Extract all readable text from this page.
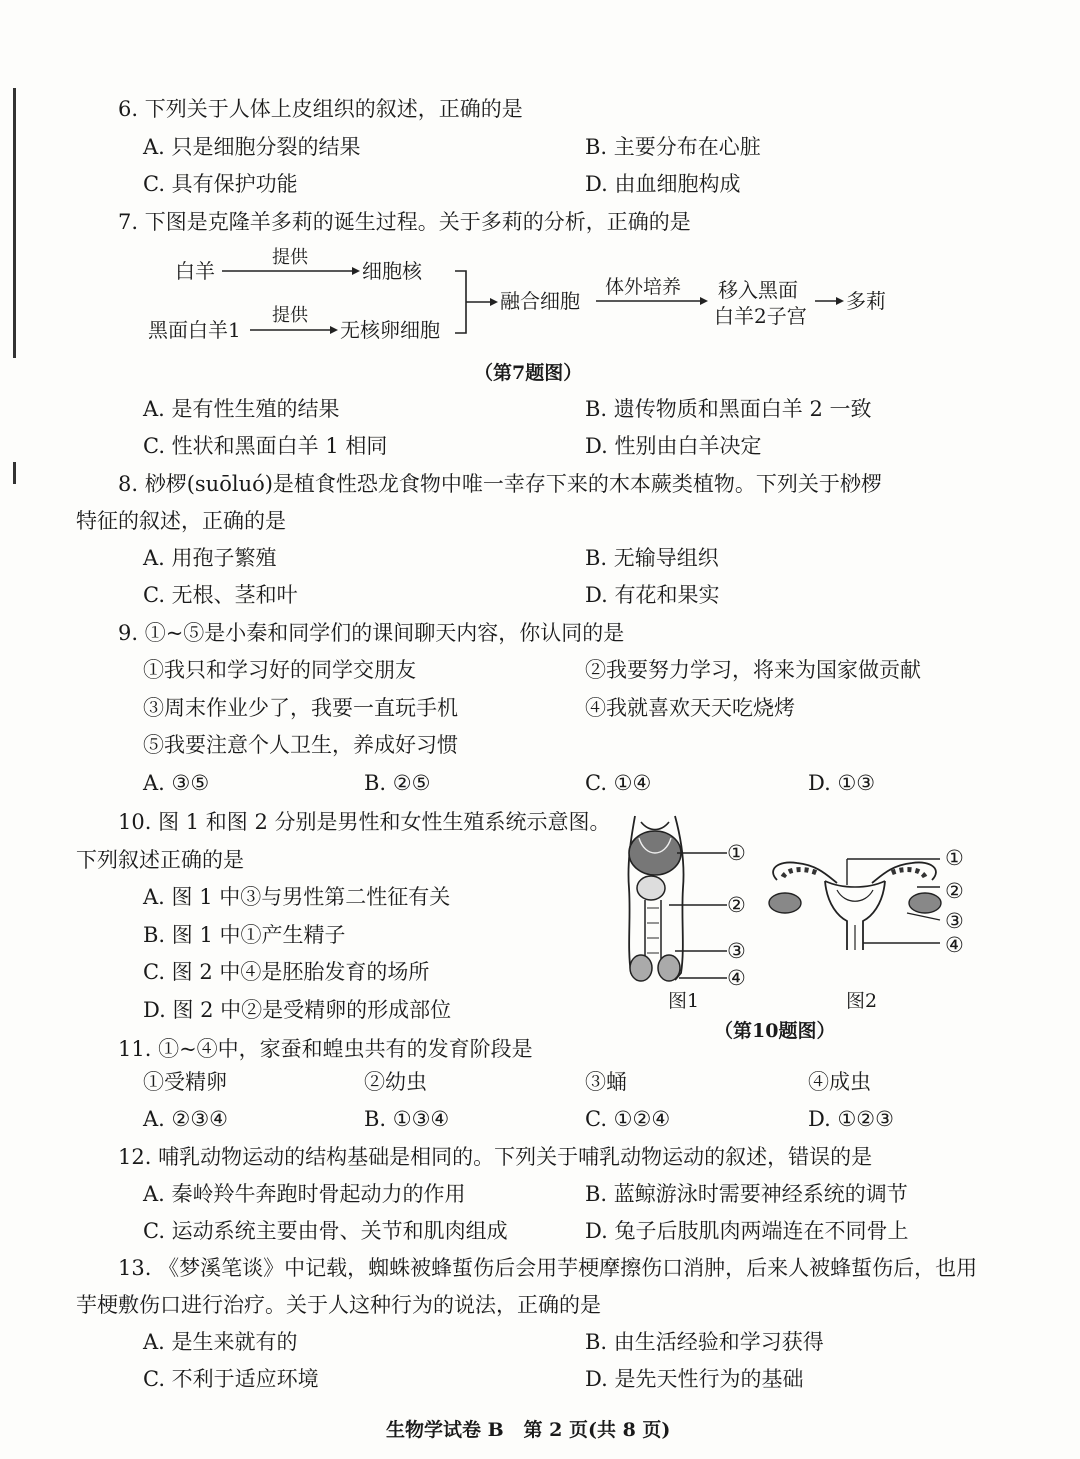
6. 下列关于人体上皮组织的叙述，正确的是
A. 只是细胞分裂的结果	B. 主要分布在心脏
C. 具有保护功能	D. 由血细胞构成
7. 下图是克隆羊多莉的诞生过程。关于多莉的分析，正确的是
白羊
提供
细胞核
黑面白羊1
提供
无核卵细胞
融合细胞
体外培养 移入黑面
白羊2子宫
多莉
（第7题图）
A. 是有性生殖的结果	B. 遗传物质和黑面白羊 2 一致
C. 性状和黑面白羊 1 相同	D. 性别由白羊决定
8. 桫椤(suōluó)是植食性恐龙食物中唯一幸存下来的木本蕨类植物。下列关于桫椤
特征的叙述，正确的是
A. 用孢子繁殖	B. 无输导组织
C. 无根、茎和叶	D. 有花和果实
9. ①~⑤是小秦和同学们的课间聊天内容，你认同的是
①我只和学习好的同学交朋友	②我要努力学习，将来为国家做贡献
③周末作业少了，我要一直玩手机	④我就喜欢天天吃烧烤
⑤我要注意个人卫生，养成好习惯
A. ③⑤	B. ②⑤	C. ①④	D. ①③
10. 图 1 和图 2 分别是男性和女性生殖系统示意图。
下列叙述正确的是
A. 图 1 中③与男性第二性征有关
B. 图 1 中①产生精子
C. 图 2 中④是胚胎发育的场所
D. 图 2 中②是受精卵的形成部位
①
②
③
④
图1
①
②
③
④
图2
（第10题图）
11. ①~④中，家蚕和蝗虫共有的发育阶段是
①受精卵	②幼虫	③蛹	④成虫
A. ②③④	B. ①③④	C. ①②④	D. ①②③
12. 哺乳动物运动的结构基础是相同的。下列关于哺乳动物运动的叙述，错误的是
A. 秦岭羚牛奔跑时骨起动力的作用	B. 蓝鲸游泳时需要神经系统的调节
C. 运动系统主要由骨、关节和肌肉组成	D. 兔子后肢肌肉两端连在不同骨上
13. 《梦溪笔谈》中记载，蜘蛛被蜂蜇伤后会用芋梗摩擦伤口消肿，后来人被蜂蜇伤后，也用
芋梗敷伤口进行治疗。关于人这种行为的说法，正确的是
A. 是生来就有的	B. 由生活经验和学习获得
C. 不利于适应环境	D. 是先天性行为的基础
生物学试卷 B   第 2 页(共 8 页)
